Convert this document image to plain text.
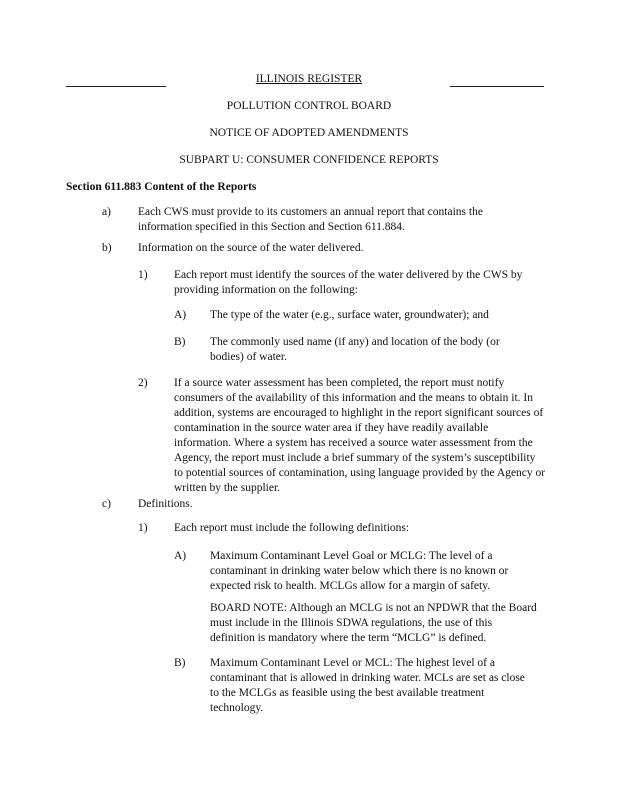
ILLINOIS REGISTER
POLLUTION CONTROL BOARD
NOTICE OF ADOPTED AMENDMENTS
SUBPART U: CONSUMER CONFIDENCE REPORTS
Section 611.883 Content of the Reports
a) Each CWS must provide to its customers an annual report that contains the information specified in this Section and Section 611.884.

b) Information on the source of the water delivered.

1) Each report must identify the sources of the water delivered by the CWS by providing information on the following:

A) The type of the water (e.g., surface water, groundwater); and

B) The commonly used name (if any) and location of the body (or bodies) of water.

2) If a source water assessment has been completed, the report must notify consumers of the availability of this information and the means to obtain it. In addition, systems are encouraged to highlight in the report significant sources of contamination in the source water area if they have readily available information. Where a system has received a source water assessment from the Agency, the report must include a brief summary of the system’s susceptibility to potential sources of contamination, using language provided by the Agency or written by the supplier.

c) Definitions.

1) Each report must include the following definitions:

A) Maximum Contaminant Level Goal or MCLG: The level of a contaminant in drinking water below which there is no known or expected risk to health. MCLGs allow for a margin of safety.

BOARD NOTE: Although an MCLG is not an NPDWR that the Board must include in the Illinois SDWA regulations, the use of this definition is mandatory where the term “MCLG” is defined.

B) Maximum Contaminant Level or MCL: The highest level of a contaminant that is allowed in drinking water. MCLs are set as close to the MCLGs as feasible using the best available treatment technology.
